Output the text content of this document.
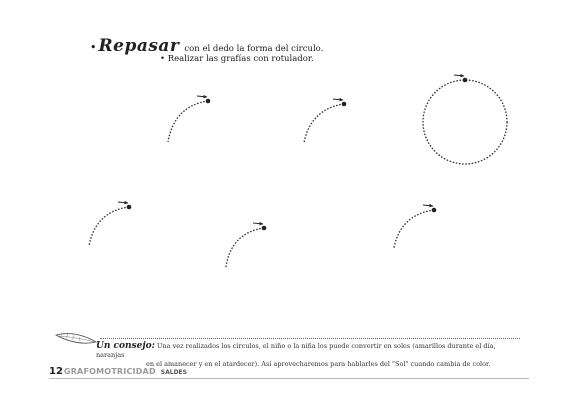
• Repasar con el dedo la forma del círculo.
• Realizar las grafías con rotulador.
Un consejo: Una vez realizados los círculos, el niño o la niña los puede convertir en soles (amarillos durante el día, naranjas
en el amanecer y en el atardecer). Así aprovecharemos para hablarles del "Sol" cuando cambia de color.
12 GRAFOMOTRICIDAD SALDES
